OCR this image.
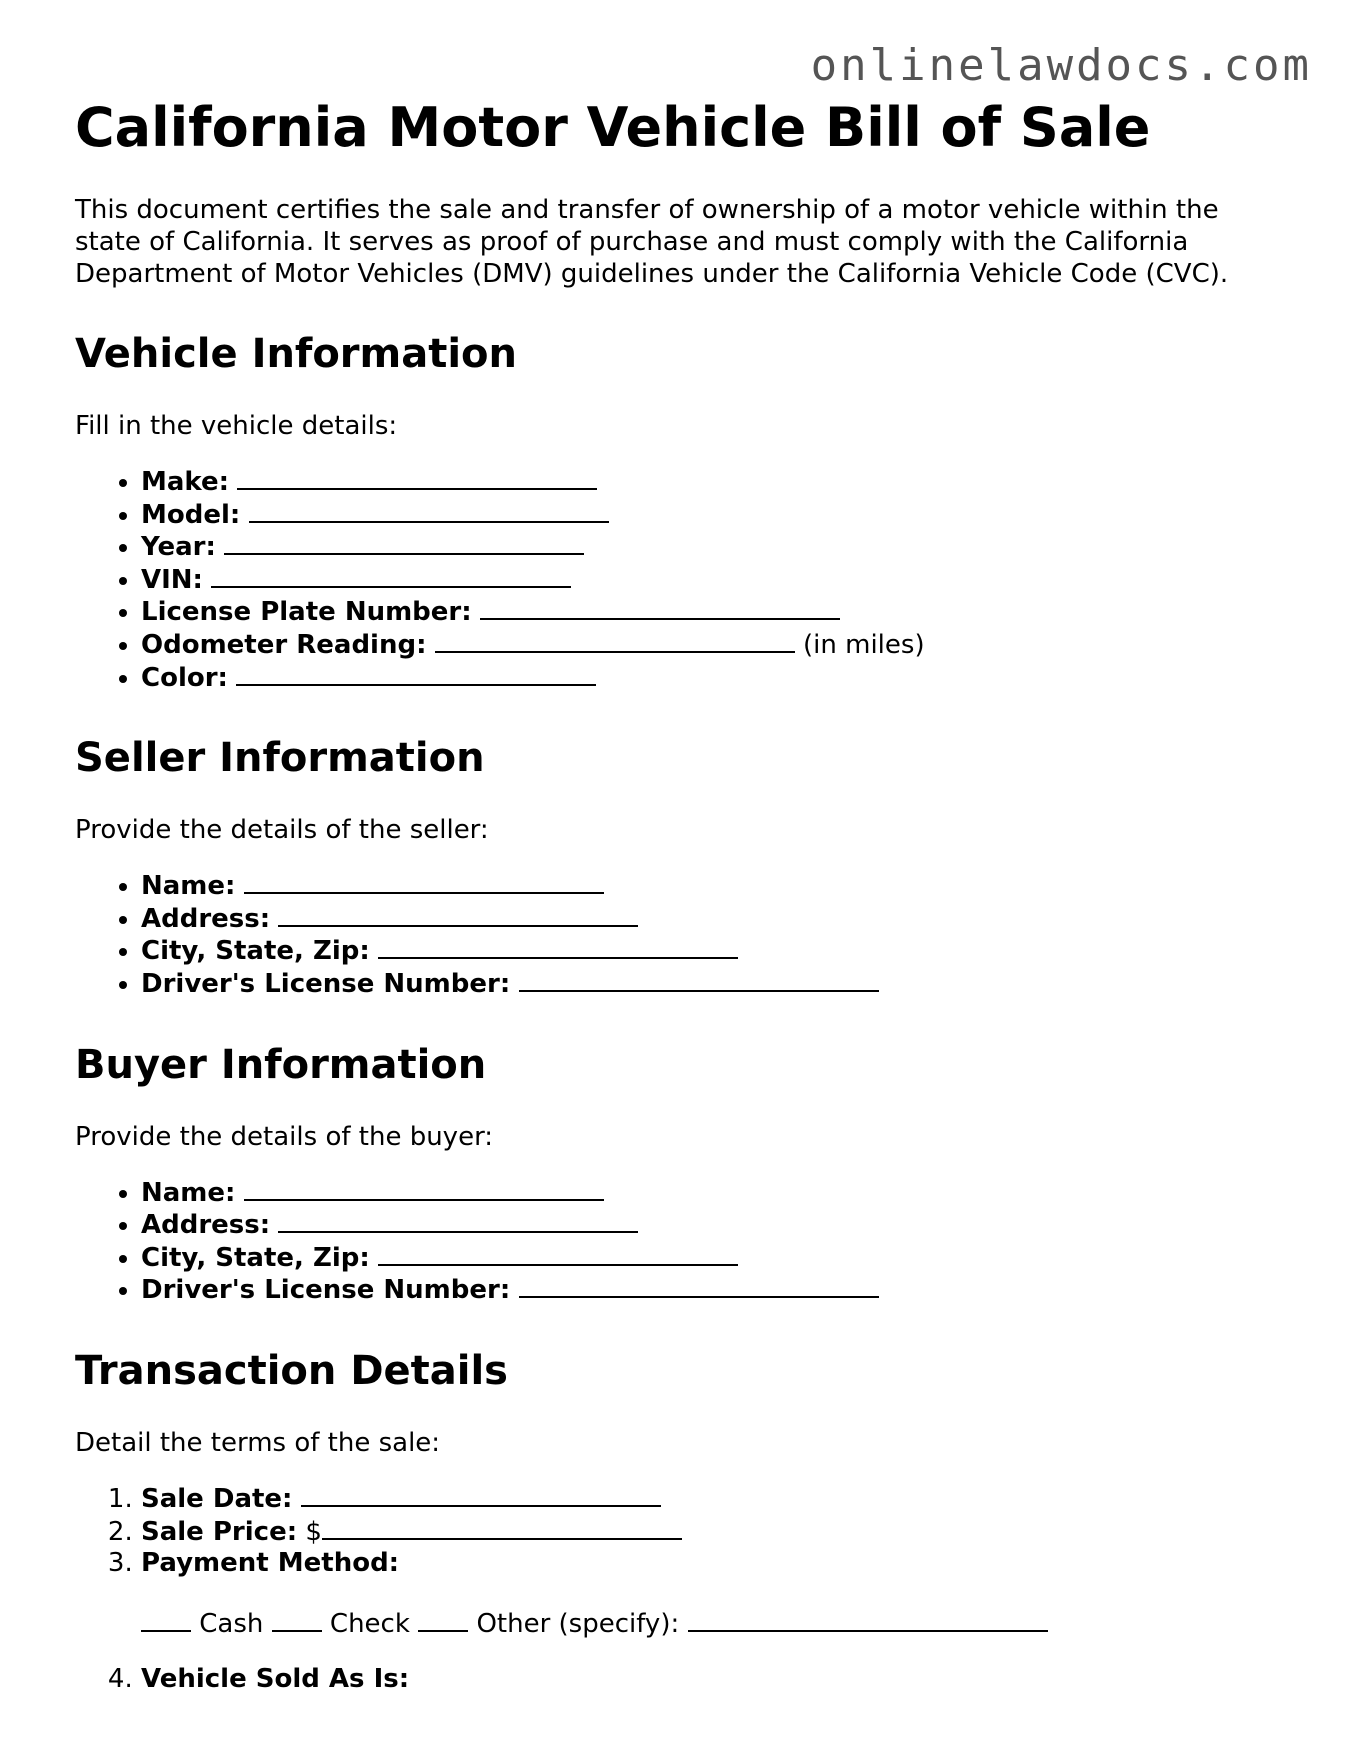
onlinelawdocs.com
California Motor Vehicle Bill of Sale

This document certifies the sale and transfer of ownership of a motor vehicle within the state of California. It serves as proof of purchase and must comply with the California Department of Motor Vehicles (DMV) guidelines under the California Vehicle Code (CVC).

Vehicle Information

Fill in the vehicle details:

• Make:
• Model:
• Year:
• VIN:
• License Plate Number:
• Odometer Reading:	(in miles)
• Color:
Seller Information

Provide the details of the seller:

• Name:
• Address:
• City, State, Zip:
• Driver's License Number:
Buyer Information

Provide the details of the buyer:

• Name:
• Address:
• City, State, Zip:
• Driver's License Number:
Transaction Details

Detail the terms of the sale:

1. Sale Date:
2. Sale Price: $
3. Payment Method:
Cash	Check	Other (specify):
4. Vehicle Sold As Is:
